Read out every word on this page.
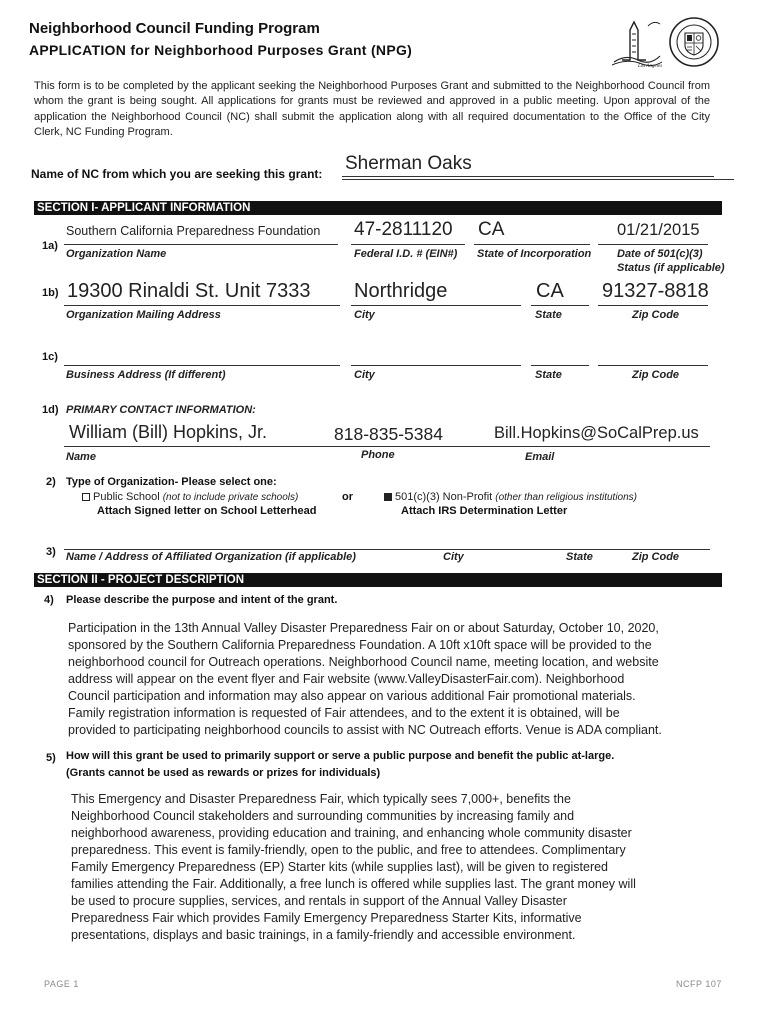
Neighborhood Council Funding Program
APPLICATION for Neighborhood Purposes Grant (NPG)
Los Angeles
This form is to be completed by the applicant seeking the Neighborhood Purposes Grant and submitted to the Neighborhood Council from whom the grant is being sought. All applications for grants must be reviewed and approved in a public meeting. Upon approval of the application the Neighborhood Council (NC) shall submit the application along with all required documentation to the Office of the City Clerk, NC Funding Program.
Name of NC from which you are seeking this grant: Sherman Oaks
SECTION I- APPLICANT INFORMATION
1a)
Southern California Preparedness Foundation
Organization Name
47-2811120
Federal I.D. # (EIN#)
CA
State of Incorporation
01/21/2015
Date of 501(c)(3)
Status (if applicable)
1b) 19300 Rinaldi St. Unit 7333
Organization Mailing Address
Northridge
City
CA
State
91327-8818
Zip Code
1c)
Business Address (If different)	City	State	Zip Code
1d) PRIMARY CONTACT INFORMATION:
William (Bill) Hopkins, Jr.
Name
818-835-5384
Phone
Bill.Hopkins@SoCalPrep.us
Email
2) Type of Organization- Please select one:
Public School (not to include private schools)
Attach Signed letter on School Letterhead
or	501(c)(3) Non-Profit (other than religious institutions)
Attach IRS Determination Letter
3) Name / Address of Affiliated Organization (if applicable)	City	State	Zip Code
SECTION II - PROJECT DESCRIPTION
4) Please describe the purpose and intent of the grant.
Participation in the 13th Annual Valley Disaster Preparedness Fair on or about Saturday, October 10, 2020,
sponsored by the Southern California Preparedness Foundation. A 10ft x10ft space will be provided to the
neighborhood council for Outreach operations. Neighborhood Council name, meeting location, and website
address will appear on the event flyer and Fair website (www.ValleyDisasterFair.com). Neighborhood
Council participation and information may also appear on various additional Fair promotional materials.
Family registration information is requested of Fair attendees, and to the extent it is obtained, will be
provided to participating neighborhood councils to assist with NC Outreach efforts. Venue is ADA compliant.
5) How will this grant be used to primarily support or serve a public purpose and benefit the public at-large.
(Grants cannot be used as rewards or prizes for individuals)
This Emergency and Disaster Preparedness Fair, which typically sees 7,000+, benefits the
Neighborhood Council stakeholders and surrounding communities by increasing family and
neighborhood awareness, providing education and training, and enhancing whole community disaster
preparedness. This event is family-friendly, open to the public, and free to attendees. Complimentary
Family Emergency Preparedness (EP) Starter kits (while supplies last), will be given to registered
families attending the Fair. Additionally, a free lunch is offered while supplies last. The grant money will
be used to procure supplies, services, and rentals in support of the Annual Valley Disaster
Preparedness Fair which provides Family Emergency Preparedness Starter Kits, informative
presentations, displays and basic trainings, in a family-friendly and accessible environment.
PAGE 1	NCFP 107
